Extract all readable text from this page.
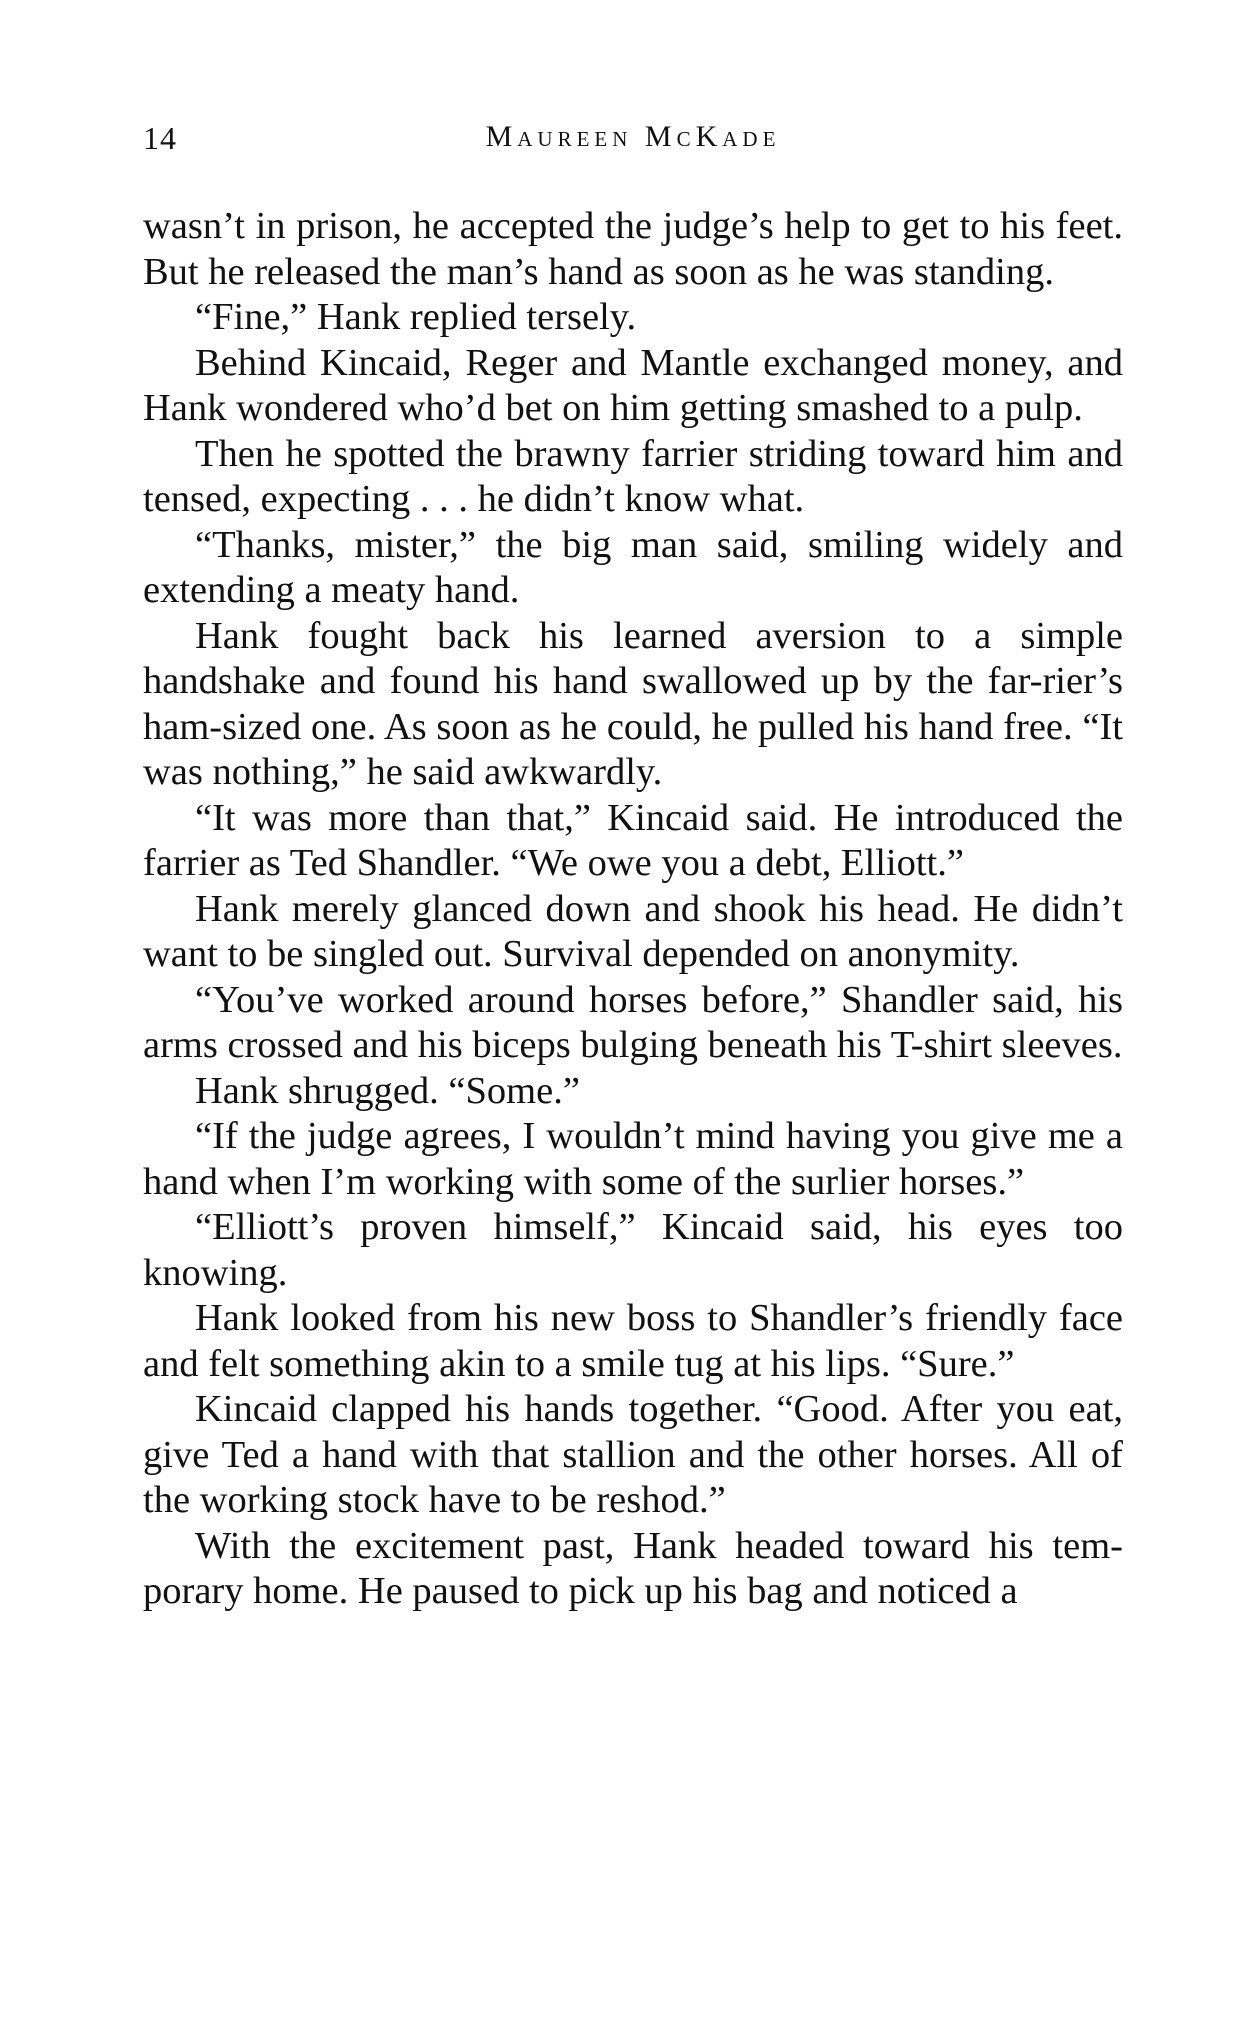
14	Maureen McKade

wasn’t in prison, he accepted the judge’s help to get to his feet. But he released the man’s hand as soon as he was standing.

“Fine,” Hank replied tersely.

Behind Kincaid, Reger and Mantle exchanged money, and Hank wondered who’d bet on him getting smashed to a pulp.

Then he spotted the brawny farrier striding toward him and tensed, expecting . . . he didn’t know what.

“Thanks, mister,” the big man said, smiling widely and extending a meaty hand.

Hank fought back his learned aversion to a simple handshake and found his hand swallowed up by the far-rier’s ham-sized one. As soon as he could, he pulled his hand free. “It was nothing,” he said awkwardly.

“It was more than that,” Kincaid said. He introduced the farrier as Ted Shandler. “We owe you a debt, Elliott.”

Hank merely glanced down and shook his head. He didn’t want to be singled out. Survival depended on anonymity.

“You’ve worked around horses before,” Shandler said, his arms crossed and his biceps bulging beneath his T-shirt sleeves.

Hank shrugged. “Some.”

“If the judge agrees, I wouldn’t mind having you give me a hand when I’m working with some of the surlier horses.”

“Elliott’s proven himself,” Kincaid said, his eyes too knowing.

Hank looked from his new boss to Shandler’s friendly face and felt something akin to a smile tug at his lips. “Sure.”

Kincaid clapped his hands together. “Good. After you eat, give Ted a hand with that stallion and the other horses. All of the working stock have to be reshod.”

With the excitement past, Hank headed toward his tem-porary home. He paused to pick up his bag and noticed a
